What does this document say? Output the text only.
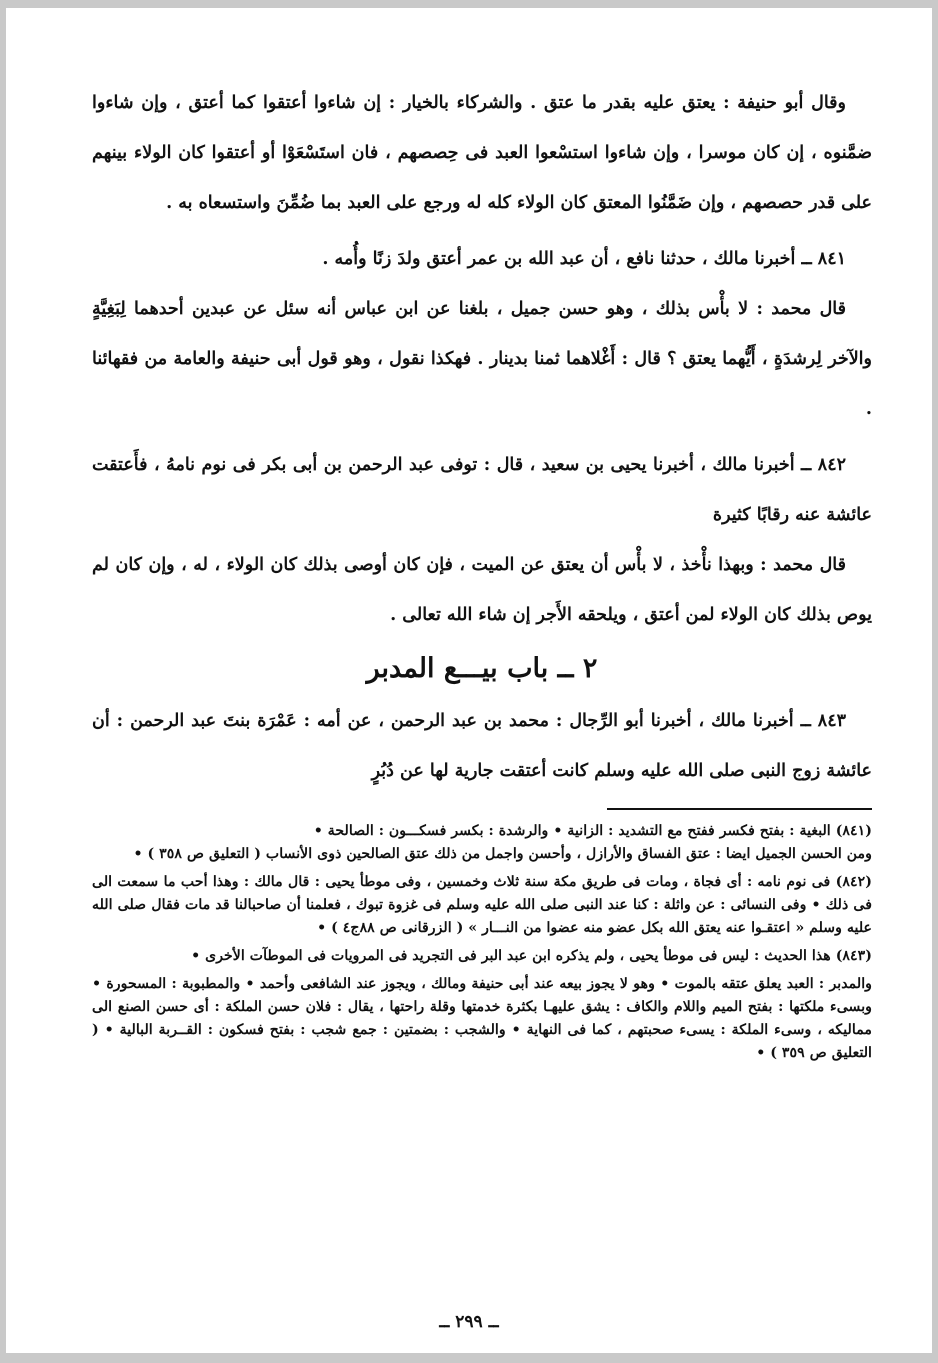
وقال أبو حنيفة : يعتق عليه بقدر ما عتق . والشركاء بالخيار : إن شاءوا أعتقوا كما أعتق ، وإن شاءوا ضمَّنوه ، إن كان موسرا ، وإن شاءوا استسْعوا العبد فى حِصصهم ، فان استَسْعَوْا أو أعتقوا كان الولاء بينهم على قدر حصصهم ، وإن ضَمَّنُوا المعتق كان الولاء كله له ورجع على العبد بما ضُمِّنَ واستسعاه به .

٨٤١ ــ أخبرنا مالك ، حدثنا نافع ، أن عبد الله بن عمر أعتق ولدَ زنًا وأُمه .

قال محمد : لا بأْس بذلك ، وهو حسن جميل ، بلغنا عن ابن عباس أنه سئل عن عبدين أحدهما لِبَغِيَّةٍ والآخر لِرشدَةٍ ، أَيُّهما يعتق ؟ قال : أَغْلاهما ثمنا بدينار . فهكذا نقول ، وهو قول أبى حنيفة والعامة من فقهائنا .

٨٤٢ ــ أخبرنا مالك ، أخبرنا يحيى بن سعيد ، قال : توفى عبد الرحمن بن أبى بكر فى نوم نامهُ ، فأَعتقت عائشة عنه رقابًا كثيرة

قال محمد : وبهذا نأْخذ ، لا بأْس أن يعتق عن الميت ، فإن كان أوصى بذلك كان الولاء ، له ، وإن كان لم يوص بذلك كان الولاء لمن أعتق ، ويلحقه الأَجر إن شاء الله تعالى .

٢ ــ باب بيـــع المدبر

٨٤٣ ــ أخبرنا مالك ، أخبرنا أبو الرِّجال : محمد بن عبد الرحمن ، عن أمه : عَمْرَة بنتَ عبد الرحمن : أن عائشة زوج النبى صلى الله عليه وسلم كانت أعتقت جارية لها عن دُبُرٍ

(٨٤١) البغية : بفتح فكسر ففتح مع التشديد : الزانية • والرشدة : بكسر فسكـــون : الصالحة •

ومن الحسن الجميل ايضا : عتق الفساق والأرازل ، وأحسن واجمل من ذلك عتق الصالحين ذوى الأنساب ( التعليق ص ٣٥٨ ) •

(٨٤٢) فى نوم نامه : أى فجاة ، ومات فى طريق مكة سنة ثلاث وخمسين ، وفى موطأ يحيى : قال مالك : وهذا أحب ما سمعت الى فى ذلك • وفى النسائى : عن واثلة : كنا عند النبى صلى الله عليه وسلم فى غزوة تبوك ، فعلمنا أن صاحبالنا قد مات فقال صلى الله عليه وسلم « اعتقـوا عنه يعتق الله بكل عضو منه عضوا من النـــار » ( الزرقانى ص ٨٨ج٤ ) •

(٨٤٣) هذا الحديث : ليس فى موطأ يحيى ، ولم يذكره ابن عبد البر فى التجريد فى المرويات فى الموطآت الأخرى •

والمدبر : العبد يعلق عتقه بالموت • وهو لا يجوز بيعه عند أبى حنيفة ومالك ، ويجوز عند الشافعى وأحمد • والمطبوبة : المسحورة • وبسىء ملكتها : بفتح الميم واللام والكاف : يشق عليهـا بكثرة خدمتها وقلة راحتها ، يقال : فلان حسن الملكة : أى حسن الصنع الى مماليكه ، وسىء الملكة : يسىء صحبتهم ، كما فى النهاية • والشجب : بضمتين : جمع شجب : بفتح فسكون : القــربة البالية • ( التعليق ص ٣٥٩ ) •

ــ ٢٩٩ ــ
